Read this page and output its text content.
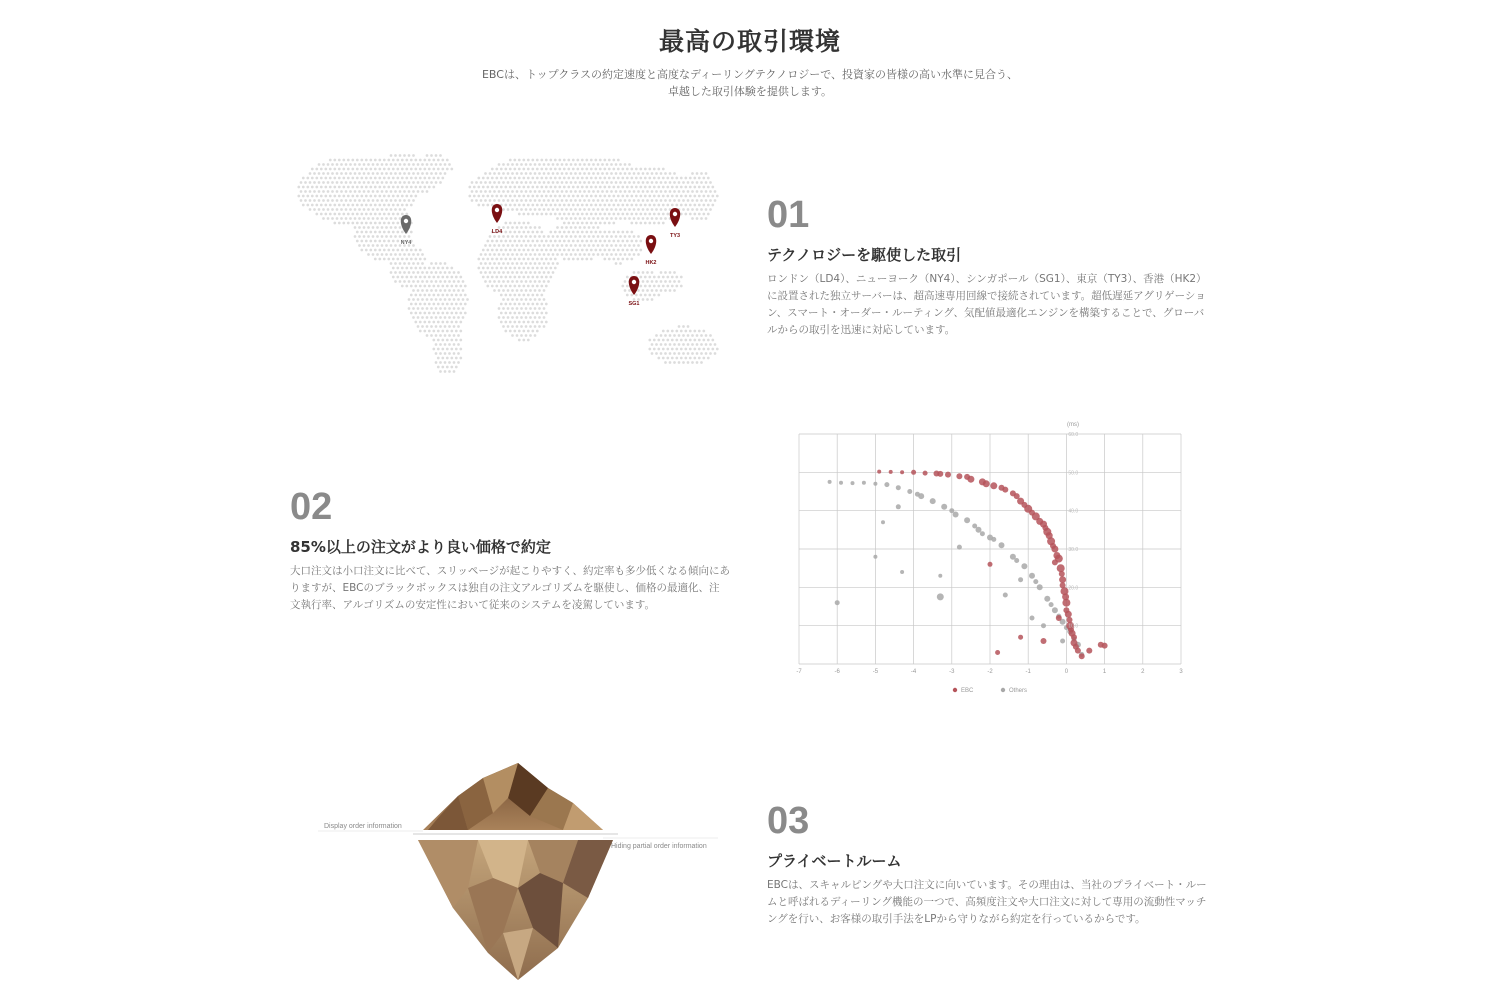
最高の取引環境
EBCは、トップクラスの約定速度と高度なディーリングテクノロジーで、投資家の皆様の高い水準に見合う、
卓越した取引体験を提供します。
NY4
LD4
TY3
HK2
SG1
01
テクノロジーを駆使した取引
ロンドン（LD4）、ニューヨーク（NY4）、シンガポール（SG1）、東京（TY3）、香港（HK2）に設置された独立サーバーは、超高速専用回線で接続されています。超低遅延アグリゲーション、スマート・オーダー・ルーティング、気配値最適化エンジンを構築することで、グローバルからの取引を迅速に対応しています。
02
85%以上の注文がより良い価格で約定
大口注文は小口注文に比べて、スリッページが起こりやすく、約定率も多少低くなる傾向にありますが、EBCのブラックボックスは独自の注文アルゴリズムを駆使し、価格の最適化、注文執行率、アルゴリズムの安定性において従来のシステムを凌駕しています。
-7	-6	-5	-4	-3	-2	-1	0	1	2	3
60.0
50.0
40.0
30.0
20.0
10.0
(ms)
EBC	Others
Display order information
Hiding partial order information
03
プライベートルーム
EBCは、スキャルピングや大口注文に向いています。その理由は、当社のプライベート・ルームと呼ばれるディーリング機能の一つで、高頻度注文や大口注文に対して専用の流動性マッチングを行い、お客様の取引手法をLPから守りながら約定を行っているからです。
